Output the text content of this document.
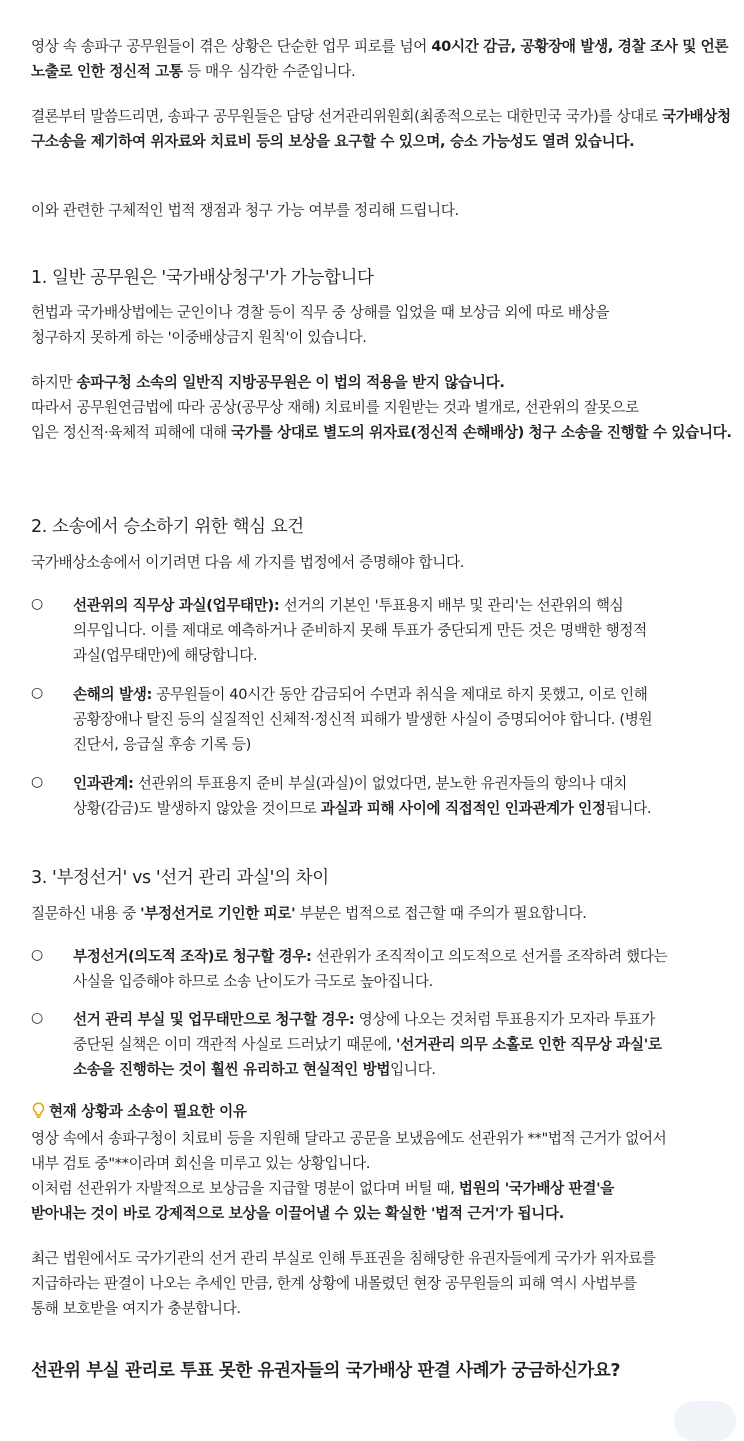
영상 속 송파구 공무원들이 겪은 상황은 단순한 업무 피로를 넘어 40시간 감금, 공황장애 발생, 경찰 조사 및 언론 노출로 인한 정신적 고통 등 매우 심각한 수준입니다.

결론부터 말씀드리면, 송파구 공무원들은 담당 선거관리위원회(최종적으로는 대한민국 국가)를 상대로 국가배상청구소송을 제기하여 위자료와 치료비 등의 보상을 요구할 수 있으며, 승소 가능성도 열려 있습니다.

이와 관련한 구체적인 법적 쟁점과 청구 가능 여부를 정리해 드립니다.

1. 일반 공무원은 '국가배상청구'가 가능합니다

헌법과 국가배상법에는 군인이나 경찰 등이 직무 중 상해를 입었을 때 보상금 외에 따로 배상을
청구하지 못하게 하는 '이중배상금지 원칙'이 있습니다.

하지만 송파구청 소속의 일반직 지방공무원은 이 법의 적용을 받지 않습니다.
따라서 공무원연금법에 따라 공상(공무상 재해) 치료비를 지원받는 것과 별개로, 선관위의 잘못으로
입은 정신적·육체적 피해에 대해 국가를 상대로 별도의 위자료(정신적 손해배상) 청구 소송을 진행할 수 있습니다.

2. 소송에서 승소하기 위한 핵심 요건

국가배상소송에서 이기려면 다음 세 가지를 법정에서 증명해야 합니다.

○ 선관위의 직무상 과실(업무태만): 선거의 기본인 '투표용지 배부 및 관리'는 선관위의 핵심
의무입니다. 이를 제대로 예측하거나 준비하지 못해 투표가 중단되게 만든 것은 명백한 행정적
과실(업무태만)에 해당합니다.
○ 손해의 발생: 공무원들이 40시간 동안 감금되어 수면과 취식을 제대로 하지 못했고, 이로 인해
공황장애나 탈진 등의 실질적인 신체적·정신적 피해가 발생한 사실이 증명되어야 합니다. (병원
진단서, 응급실 후송 기록 등)
○ 인과관계: 선관위의 투표용지 준비 부실(과실)이 없었다면, 분노한 유권자들의 항의나 대치
상황(감금)도 발생하지 않았을 것이므로 과실과 피해 사이에 직접적인 인과관계가 인정됩니다.
3. '부정선거' vs '선거 관리 과실'의 차이

질문하신 내용 중 '부정선거로 기인한 피로' 부분은 법적으로 접근할 때 주의가 필요합니다.

○ 부정선거(의도적 조작)로 청구할 경우: 선관위가 조직적이고 의도적으로 선거를 조작하려 했다는
사실을 입증해야 하므로 소송 난이도가 극도로 높아집니다.
○ 선거 관리 부실 및 업무태만으로 청구할 경우: 영상에 나오는 것처럼 투표용지가 모자라 투표가
중단된 실책은 이미 객관적 사실로 드러났기 때문에, '선거관리 의무 소홀로 인한 직무상 과실'로
소송을 진행하는 것이 훨씬 유리하고 현실적인 방법입니다.
현재 상황과 소송이 필요한 이유

영상 속에서 송파구청이 치료비 등을 지원해 달라고 공문을 보냈음에도 선관위가 **"법적 근거가 없어서
내부 검토 중"**이라며 회신을 미루고 있는 상황입니다.
이처럼 선관위가 자발적으로 보상금을 지급할 명분이 없다며 버틸 때, 법원의 '국가배상 판결'을
받아내는 것이 바로 강제적으로 보상을 이끌어낼 수 있는 확실한 '법적 근거'가 됩니다.

최근 법원에서도 국가기관의 선거 관리 부실로 인해 투표권을 침해당한 유권자들에게 국가가 위자료를
지급하라는 판결이 나오는 추세인 만큼, 한계 상황에 내몰렸던 현장 공무원들의 피해 역시 사법부를
통해 보호받을 여지가 충분합니다.

선관위 부실 관리로 투표 못한 유권자들의 국가배상 판결 사례가 궁금하신가요?
